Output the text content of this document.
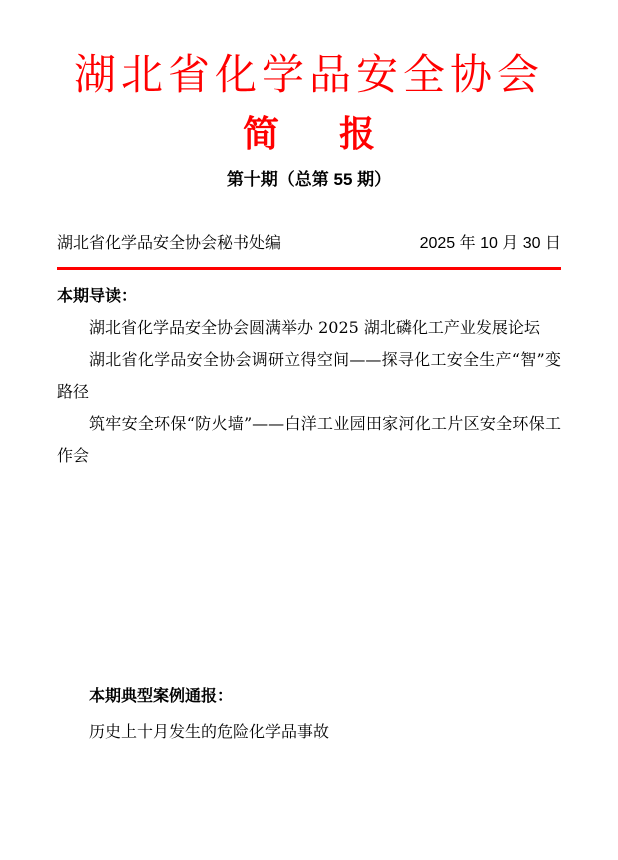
湖北省化学品安全协会
简 报
第十期（总第 55 期）
湖北省化学品安全协会秘书处编	2025 年 10 月 30 日
本期导读：

湖北省化学品安全协会圆满举办 2025 湖北磷化工产业发展论坛

湖北省化学品安全协会调研立得空间——探寻化工安全生产“智”变路径

筑牢安全环保“防火墙”——白洋工业园田家河化工片区安全环保工作会

本期典型案例通报：

历史上十月发生的危险化学品事故
